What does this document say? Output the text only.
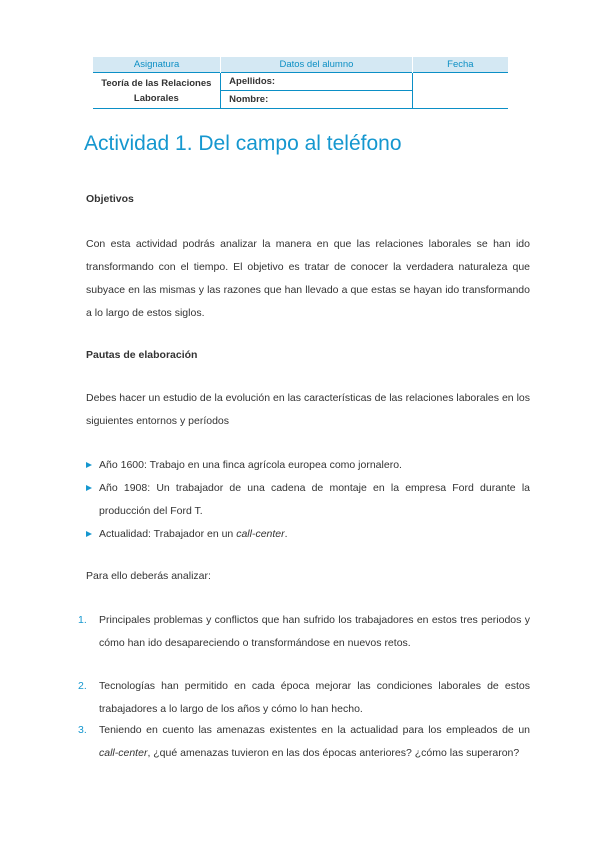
Asignatura	Datos del alumno	Fecha
Teoría de las Relaciones Laborales	Apellidos:	
	Nombre:	
Actividad 1. Del campo al teléfono

Objetivos

Con esta actividad podrás analizar la manera en que las relaciones laborales se han ido transformando con el tiempo. El objetivo es tratar de conocer la verdadera naturaleza que subyace en las mismas y las razones que han llevado a que estas se hayan ido transformando a lo largo de estos siglos.

Pautas de elaboración

Debes hacer un estudio de la evolución en las características de las relaciones laborales en los siguientes entornos y períodos

Año 1600: Trabajo en una finca agrícola europea como jornalero.
Año 1908: Un trabajador de una cadena de montaje en la empresa Ford durante la producción del Ford T.
Actualidad: Trabajador en un call-center.

Para ello deberás analizar:

1. Principales problemas y conflictos que han sufrido los trabajadores en estos tres periodos y cómo han ido desapareciendo o transformándose en nuevos retos.
2. Tecnologías han permitido en cada época mejorar las condiciones laborales de estos trabajadores a lo largo de los años y cómo lo han hecho.
3. Teniendo en cuento las amenazas existentes en la actualidad para los empleados de un call-center, ¿qué amenazas tuvieron en las dos épocas anteriores? ¿cómo las superaron?
